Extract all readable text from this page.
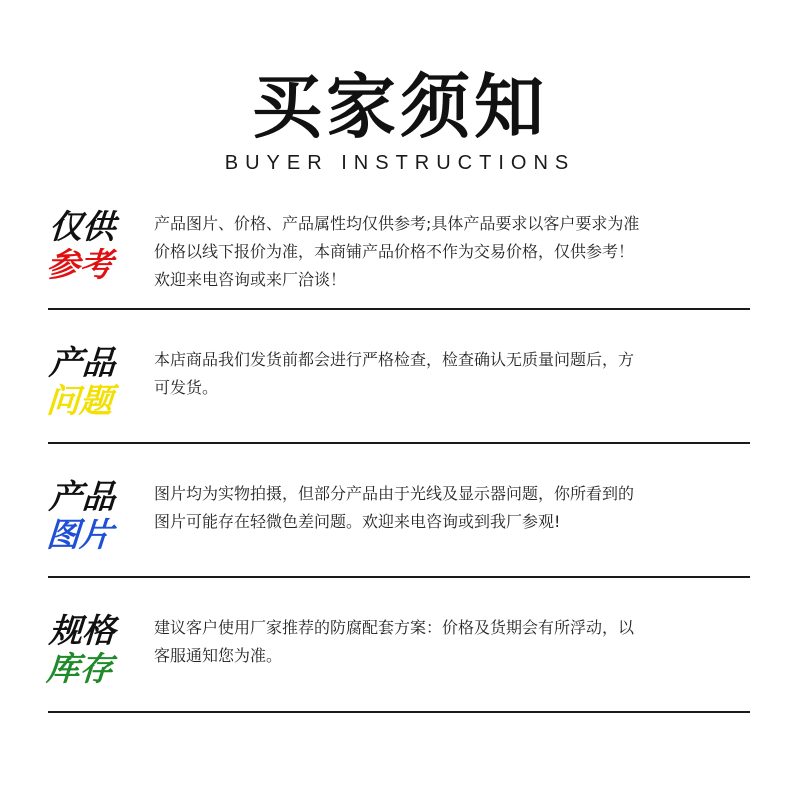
买家须知
BUYER INSTRUCTIONS
仅供
参考

产品图片、价格、产品属性均仅供参考;具体产品要求以客户要求为准

价格以线下报价为准，本商铺产品价格不作为交易价格，仅供参考！

欢迎来电咨询或来厂洽谈！

产品
问题

本店商品我们发货前都会进行严格检查，检查确认无质量问题后，方

可发货。

产品
图片

图片均为实物拍摄，但部分产品由于光线及显示器问题，你所看到的

图片可能存在轻微色差问题。欢迎来电咨询或到我厂参观!

规格
库存

建议客户使用厂家推荐的防腐配套方案：价格及货期会有所浮动，以

客服通知您为准。
